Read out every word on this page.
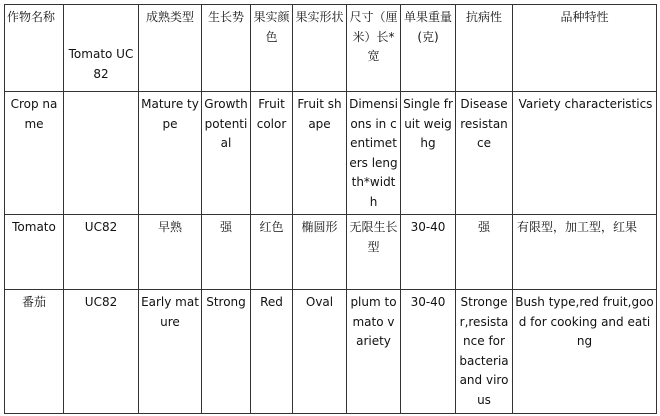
作物名称	Tomato UC82	成熟类型	生长势	果实颜色	果实形状	尺寸（厘米）长*宽	单果重量(克)	抗病性	品种特性
Crop name		Mature type	Growth potential	Fruit color	Fruit shape	Dimensions in centimeters length*width	Single fruit weighg	Disease resistance	Variety characteristics
Tomato	UC82	早熟	强	红色	椭圆形	无限生长型	30-40	强	有限型，加工型，红果
番茄	UC82	Early mature	Strong	Red	Oval	plum tomato variety	30-40	Stronger,resistance for bacteria and virous	Bush type,red fruit,good for cooking and eating
